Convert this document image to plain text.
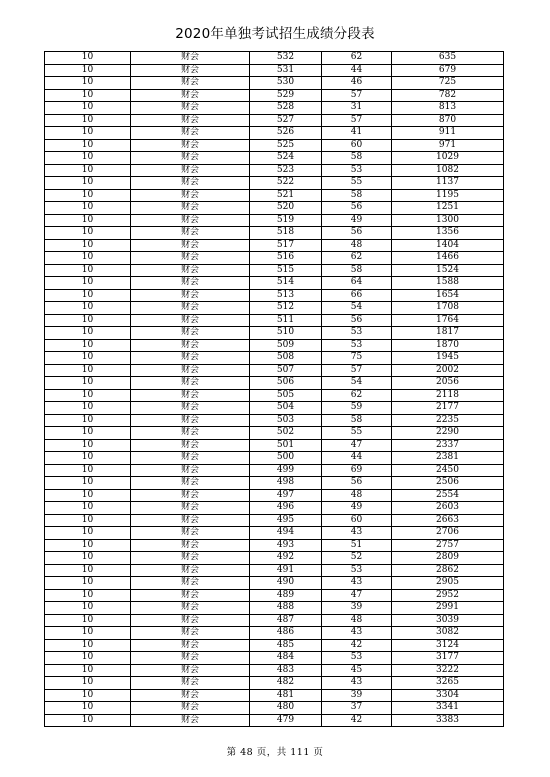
2020年单独考试招生成绩分段表
10	财会	532	62	635
10	财会	531	44	679
10	财会	530	46	725
10	财会	529	57	782
10	财会	528	31	813
10	财会	527	57	870
10	财会	526	41	911
10	财会	525	60	971
10	财会	524	58	1029
10	财会	523	53	1082
10	财会	522	55	1137
10	财会	521	58	1195
10	财会	520	56	1251
10	财会	519	49	1300
10	财会	518	56	1356
10	财会	517	48	1404
10	财会	516	62	1466
10	财会	515	58	1524
10	财会	514	64	1588
10	财会	513	66	1654
10	财会	512	54	1708
10	财会	511	56	1764
10	财会	510	53	1817
10	财会	509	53	1870
10	财会	508	75	1945
10	财会	507	57	2002
10	财会	506	54	2056
10	财会	505	62	2118
10	财会	504	59	2177
10	财会	503	58	2235
10	财会	502	55	2290
10	财会	501	47	2337
10	财会	500	44	2381
10	财会	499	69	2450
10	财会	498	56	2506
10	财会	497	48	2554
10	财会	496	49	2603
10	财会	495	60	2663
10	财会	494	43	2706
10	财会	493	51	2757
10	财会	492	52	2809
10	财会	491	53	2862
10	财会	490	43	2905
10	财会	489	47	2952
10	财会	488	39	2991
10	财会	487	48	3039
10	财会	486	43	3082
10	财会	485	42	3124
10	财会	484	53	3177
10	财会	483	45	3222
10	财会	482	43	3265
10	财会	481	39	3304
10	财会	480	37	3341
10	财会	479	42	3383
第 48 页，共 111 页
